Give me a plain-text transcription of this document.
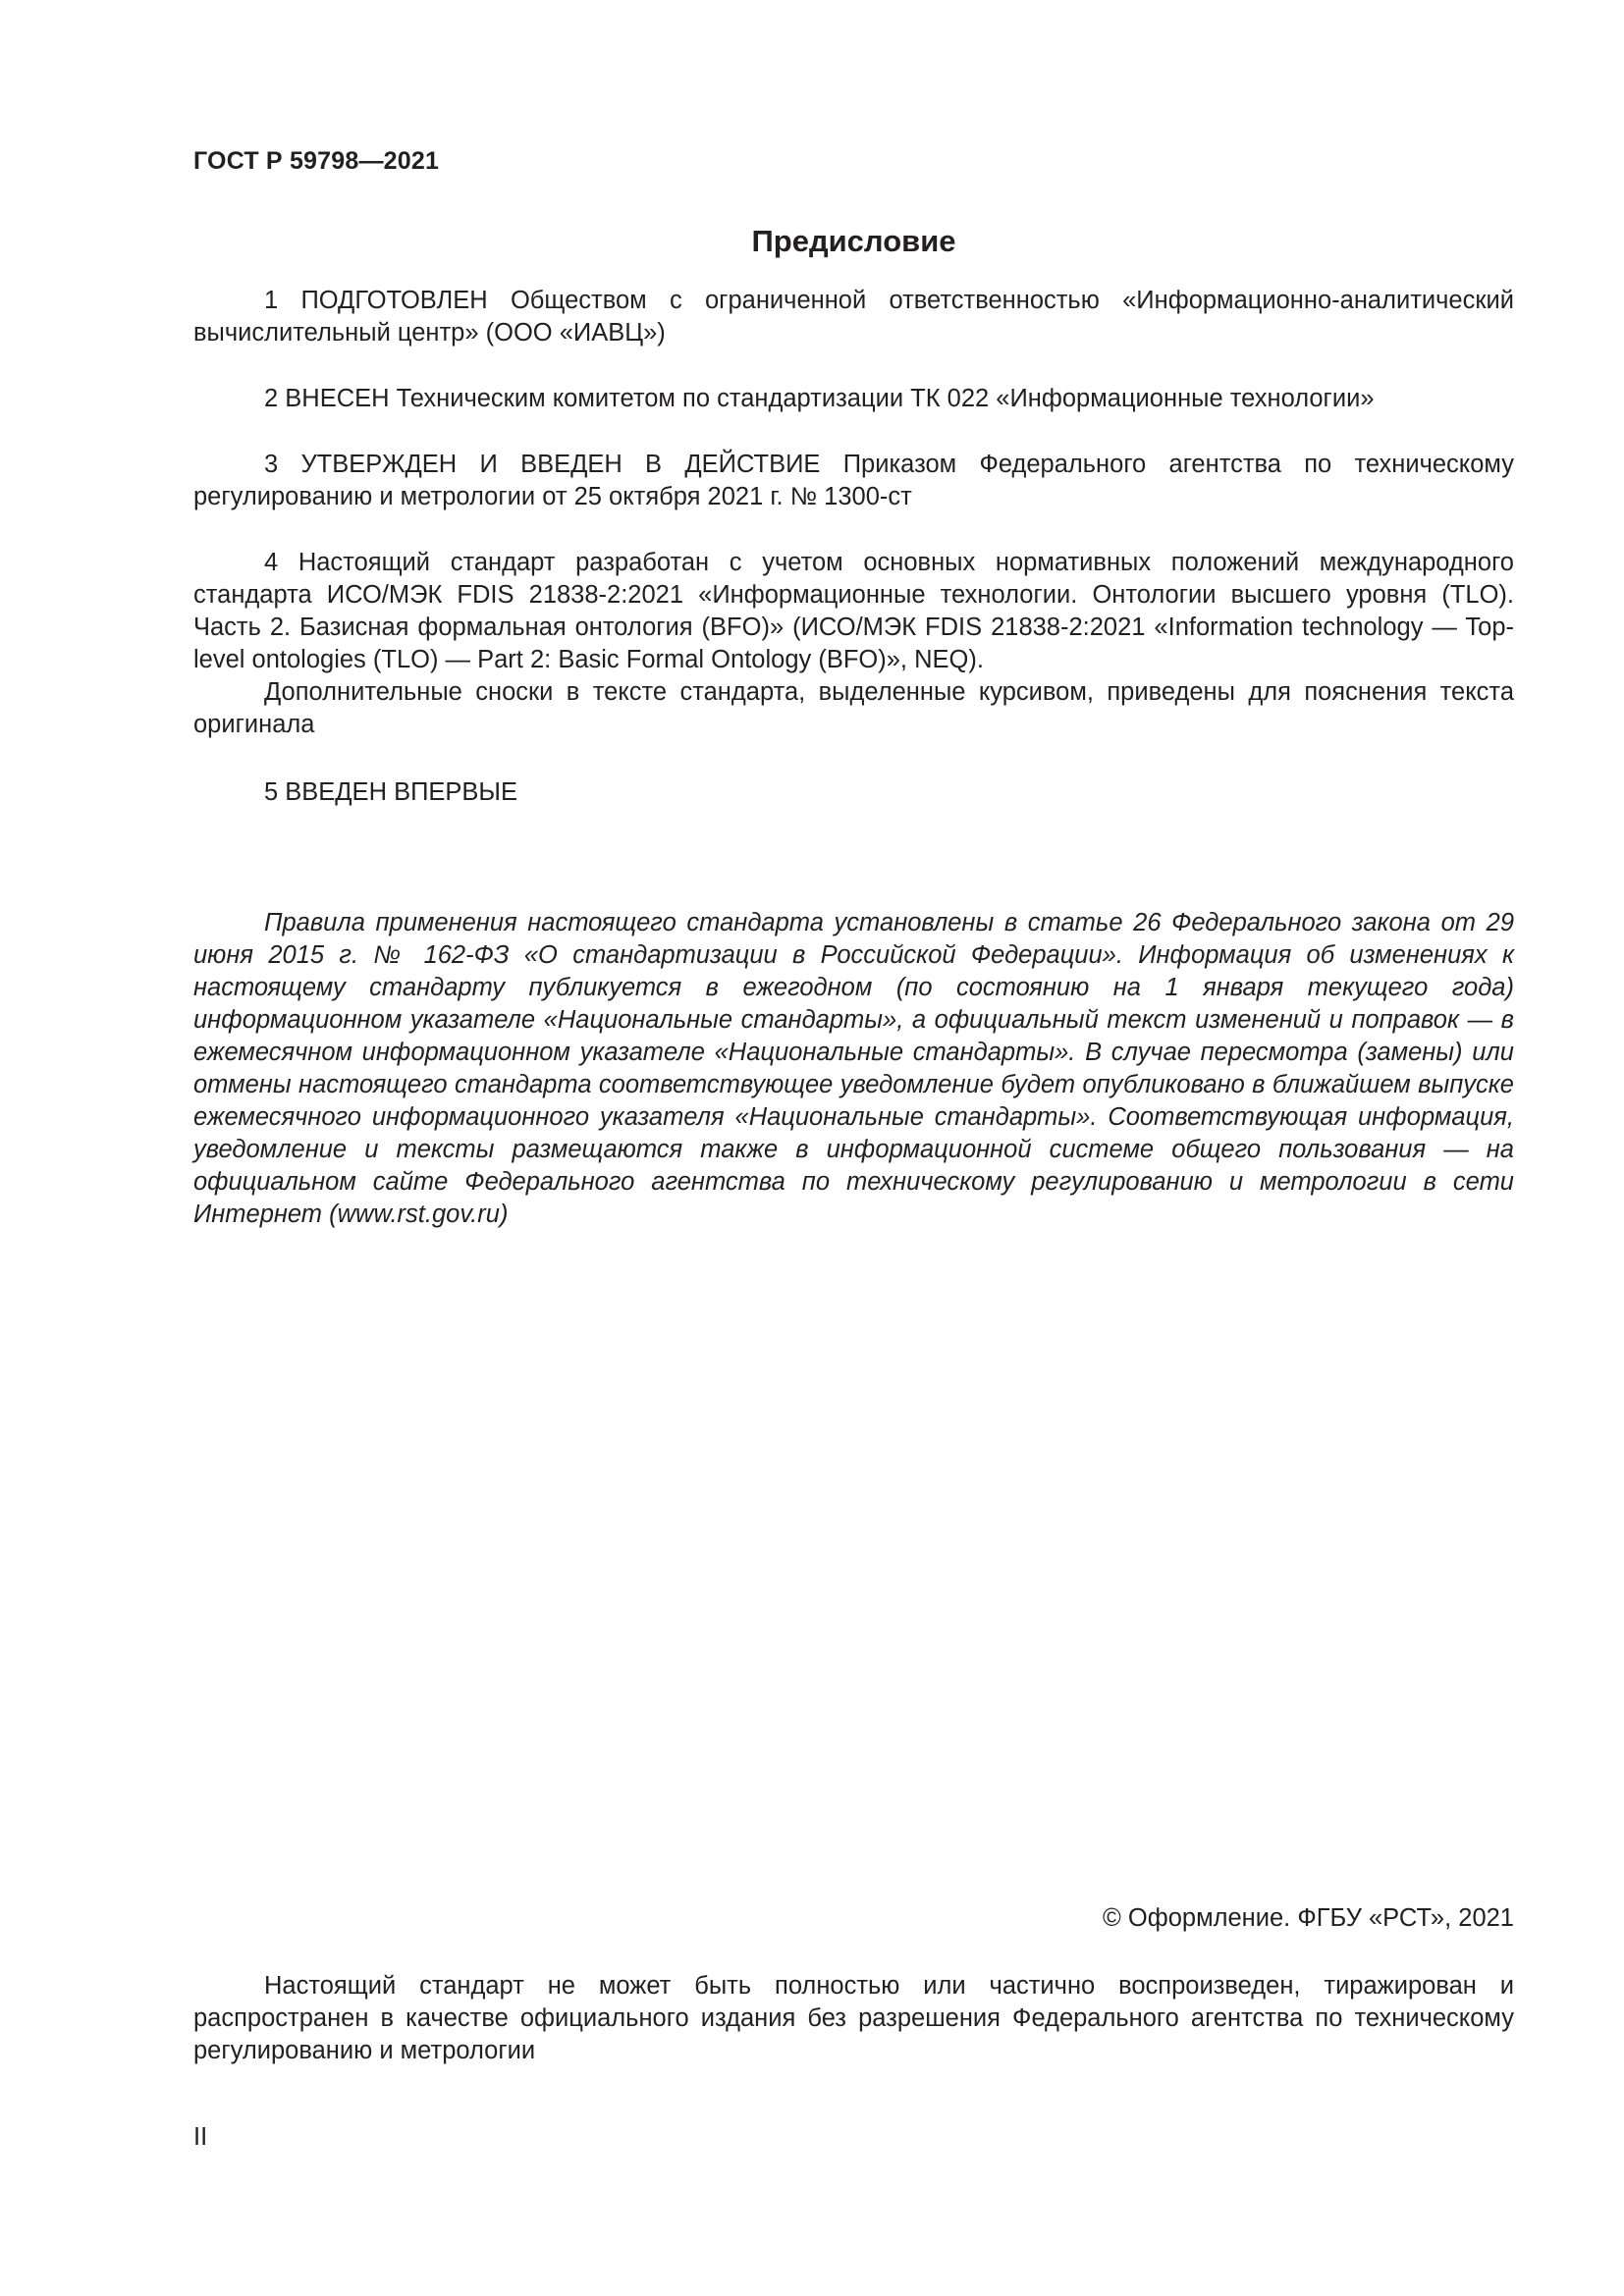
ГОСТ Р 59798—2021
Предисловие

1 ПОДГОТОВЛЕН Обществом с ограниченной ответственностью «Информационно-аналитический вычислительный центр» (ООО «ИАВЦ»)

2 ВНЕСЕН Техническим комитетом по стандартизации ТК 022 «Информационные технологии»

3 УТВЕРЖДЕН И ВВЕДЕН В ДЕЙСТВИЕ Приказом Федерального агентства по техническому регулированию и метрологии от 25 октября 2021 г. № 1300-ст

4 Настоящий стандарт разработан с учетом основных нормативных положений международного стандарта ИСО/МЭК FDIS 21838-2:2021 «Информационные технологии. Онтологии высшего уровня (TLO). Часть 2. Базисная формальная онтология (BFO)» (ИСО/МЭК FDIS 21838-2:2021 «Information technology — Top-level ontologies (TLO) — Part 2: Basic Formal Ontology (BFO)», NEQ).

Дополнительные сноски в тексте стандарта, выделенные курсивом, приведены для пояснения текста оригинала

5 ВВЕДЕН ВПЕРВЫЕ

Правила применения настоящего стандарта установлены в статье 26 Федерального закона от 29 июня 2015 г. № 162-ФЗ «О стандартизации в Российской Федерации». Информация об изменениях к настоящему стандарту публикуется в ежегодном (по состоянию на 1 января текущего года) информационном указателе «Национальные стандарты», а официальный текст изменений и поправок — в ежемесячном информационном указателе «Национальные стандарты». В случае пересмотра (замены) или отмены настоящего стандарта соответствующее уведомление будет опубликовано в ближайшем выпуске ежемесячного информационного указателя «Национальные стандарты». Соответствующая информация, уведомление и тексты размещаются также в информационной системе общего пользования — на официальном сайте Федерального агентства по техническому регулированию и метрологии в сети Интернет (www.rst.gov.ru)

© Оформление. ФГБУ «РСТ», 2021

Настоящий стандарт не может быть полностью или частично воспроизведен, тиражирован и распространен в качестве официального издания без разрешения Федерального агентства по техническому регулированию и метрологии

II
